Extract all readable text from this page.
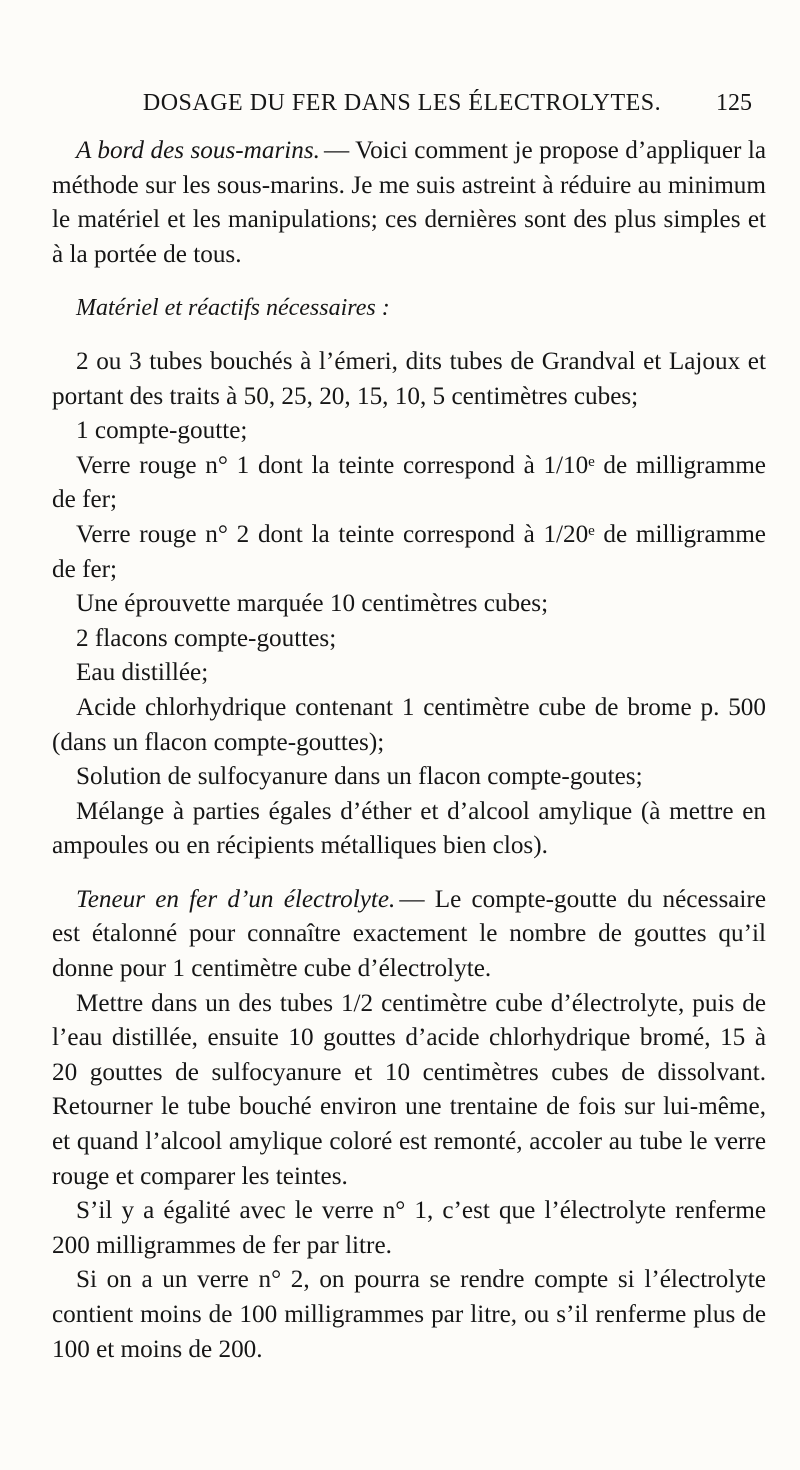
DOSAGE DU FER DANS LES ÉLECTROLYTES.	125

A bord des sous-marins. — Voici comment je propose d’appliquer la méthode sur les sous-marins. Je me suis astreint à réduire au minimum le matériel et les manipulations; ces dernières sont des plus simples et à la portée de tous.

Matériel et réactifs nécessaires :

2 ou 3 tubes bouchés à l’émeri, dits tubes de Grandval et Lajoux et portant des traits à 50, 25, 20, 15, 10, 5 centimètres cubes;

1 compte-goutte;

Verre rouge n° 1 dont la teinte correspond à 1/10ᵉ de milligramme de fer;

Verre rouge n° 2 dont la teinte correspond à 1/20ᵉ de milligramme de fer;

Une éprouvette marquée 10 centimètres cubes;

2 flacons compte-gouttes;

Eau distillée;

Acide chlorhydrique contenant 1 centimètre cube de brome p. 500 (dans un flacon compte-gouttes);

Solution de sulfocyanure dans un flacon compte-goutes;

Mélange à parties égales d’éther et d’alcool amylique (à mettre en ampoules ou en récipients métalliques bien clos).

Teneur en fer d’un électrolyte. — Le compte-goutte du nécessaire est étalonné pour connaître exactement le nombre de gouttes qu’il donne pour 1 centimètre cube d’électrolyte.

Mettre dans un des tubes 1/2 centimètre cube d’électrolyte, puis de l’eau distillée, ensuite 10 gouttes d’acide chlorhydrique bromé, 15 à 20 gouttes de sulfocyanure et 10 centimètres cubes de dissolvant. Retourner le tube bouché environ une trentaine de fois sur lui-même, et quand l’alcool amylique coloré est remonté, accoler au tube le verre rouge et comparer les teintes.

S’il y a égalité avec le verre n° 1, c’est que l’électrolyte renferme 200 milligrammes de fer par litre.

Si on a un verre n° 2, on pourra se rendre compte si l’électrolyte contient moins de 100 milligrammes par litre, ou s’il renferme plus de 100 et moins de 200.
